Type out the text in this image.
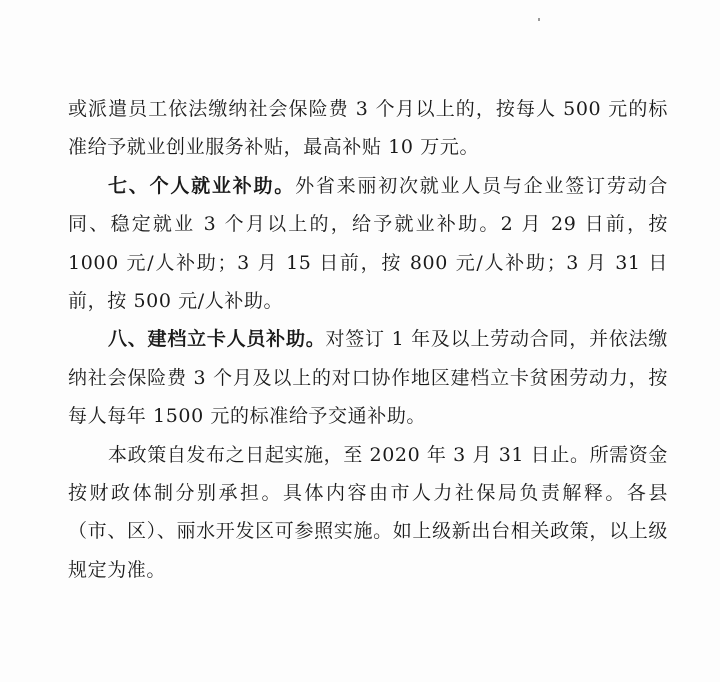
或派遣员工依法缴纳社会保险费 3 个月以上的，按每人 500 元的标准给予就业创业服务补贴，最高补贴 10 万元。

七、个人就业补助。外省来丽初次就业人员与企业签订劳动合同、稳定就业 3 个月以上的，给予就业补助。2 月 29 日前，按 1000 元/人补助；3 月 15 日前，按 800 元/人补助；3 月 31 日前，按 500 元/人补助。

八、建档立卡人员补助。对签订 1 年及以上劳动合同，并依法缴纳社会保险费 3 个月及以上的对口协作地区建档立卡贫困劳动力，按每人每年 1500 元的标准给予交通补助。

本政策自发布之日起实施，至 2020 年 3 月 31 日止。所需资金按财政体制分别承担。具体内容由市人力社保局负责解释。各县（市、区）、丽水开发区可参照实施。如上级新出台相关政策，以上级规定为准。
